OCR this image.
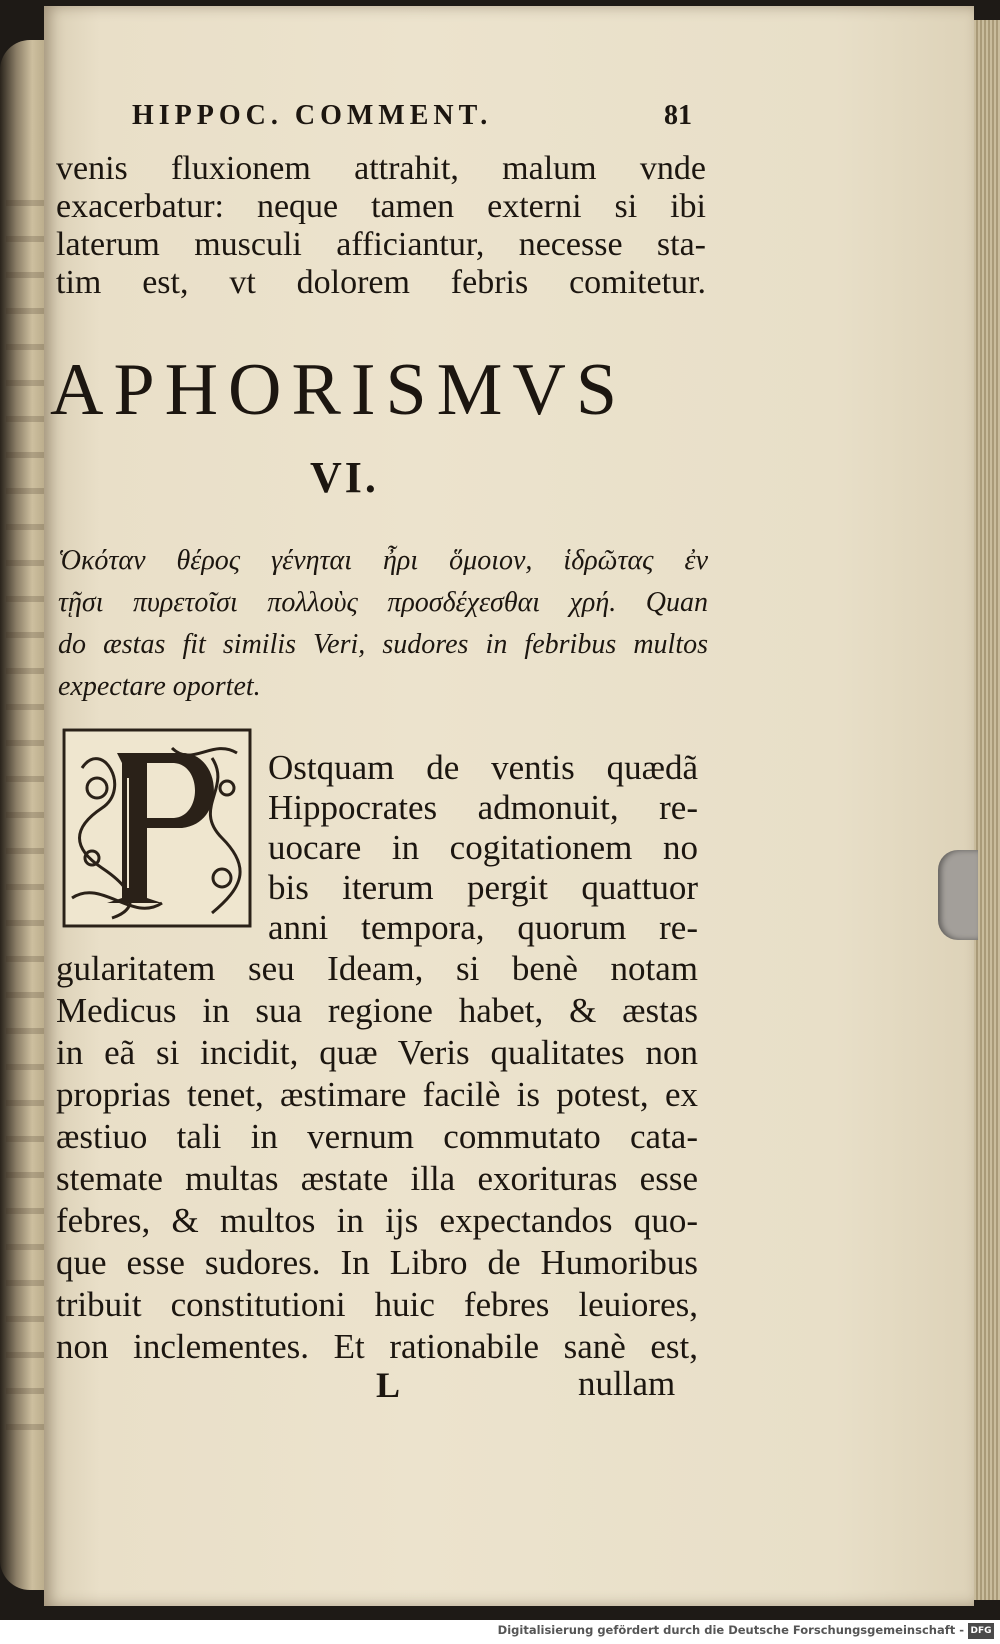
HIPPOC. COMMENT.	81
venis fluxionem attrahit, malum vnde
exacerbatur: neque tamen externi si ibi
laterum musculi afficiantur, necesse sta-
tim est, vt dolorem febris comitetur.
APHORISMVS
VI.
Ὁκόταν θέρος γένηται ἦρι ὅμοιον, ἱδρῶτας ἐν
τῇσι πυρετοῖσι πολλοὺς προσδέχεσθαι χρή. Quan
do æstas fit similis Veri, sudores in febribus multos
expectare oportet.
Ostquam de ventis quædã
Hippocrates admonuit, re-
uocare in cogitationem no
bis iterum pergit quattuor
anni tempora, quorum re-
gularitatem seu Ideam, si benè notam
Medicus in sua regione habet, & æstas
in eã si incidit, quæ Veris qualitates non
proprias tenet, æstimare facilè is potest, ex
æstiuo tali in vernum commutato cata-
stemate multas æstate illa exorituras esse
febres, & multos in ijs expectandos quo-
que esse sudores. In Libro de Humoribus
tribuit constitutioni huic febres leuiores,
non inclementes. Et rationabile sanè est,
L	nullam
Digitalisierung gefördert durch die Deutsche Forschungsgemeinschaft - DFG
